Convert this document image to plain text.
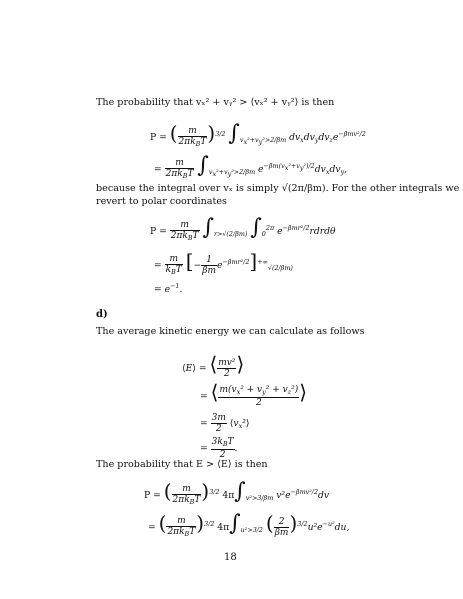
The probability that vₓ² + vᵧ² > ⟨vₓ² + vᵧ²⟩ is then
P = ( $\frac{m}{2\pi k_BT} )^{3/2}$ $\int_{vx^2+vy^2>2/\beta m}$ $dv_xdv_ydv_ze^{-\beta mv^2/2}$
= $\frac{m}{2\pi k_BT} \int_{vx^2+vy^2>2/\beta m}$ $e^{-\beta m(vx^2+vy^2)/2}dv_xdv_y$,
because the integral over vₓ is simply √(2π/βm). For the other integrals we
revert to polar coordinates
$P = \frac{m}{2\pi k_BT} \int_{r>√(2/\beta m)}$ $\int_0^{2\pi}$ $e^{-\beta mr^2/2}rdrd\theta$
= $\frac{m}{k_BT}$ [− $\frac{1}{\beta m} e^{-\beta mr^2/2}]^{+\infty}_{√(2/\beta m)}$
= $e^{-1}$.
d)
The average kinetic energy we can calculate as follows
⟨E⟩ = ⟨ $\frac{\text{mv²}}{2}$ ⟩
= ⟨ $\frac{m(v_x^2 + v_y^2 + v_z^2)}{2}$ ⟩
= $\frac{3m}{2}$ $⟨v_x^2⟩$
= $\frac{3k_BT}{2}$ .
The probability that E > ⟨E⟩ is then
P = ( $\frac{m}{2\pi k_BT} )^{3/2}$ $4\pi\int_{v^2>3/\beta m}$ $v^2e^{-\beta mv^2/2}dv$
= ( $\frac{m}{2\pi k_BT} )^{3/2}$ $4\pi\int_{u^2>3/2}$ ( $\frac{2}{\beta m} )^{3/2}u^2e^{-u^2}du$,
18
